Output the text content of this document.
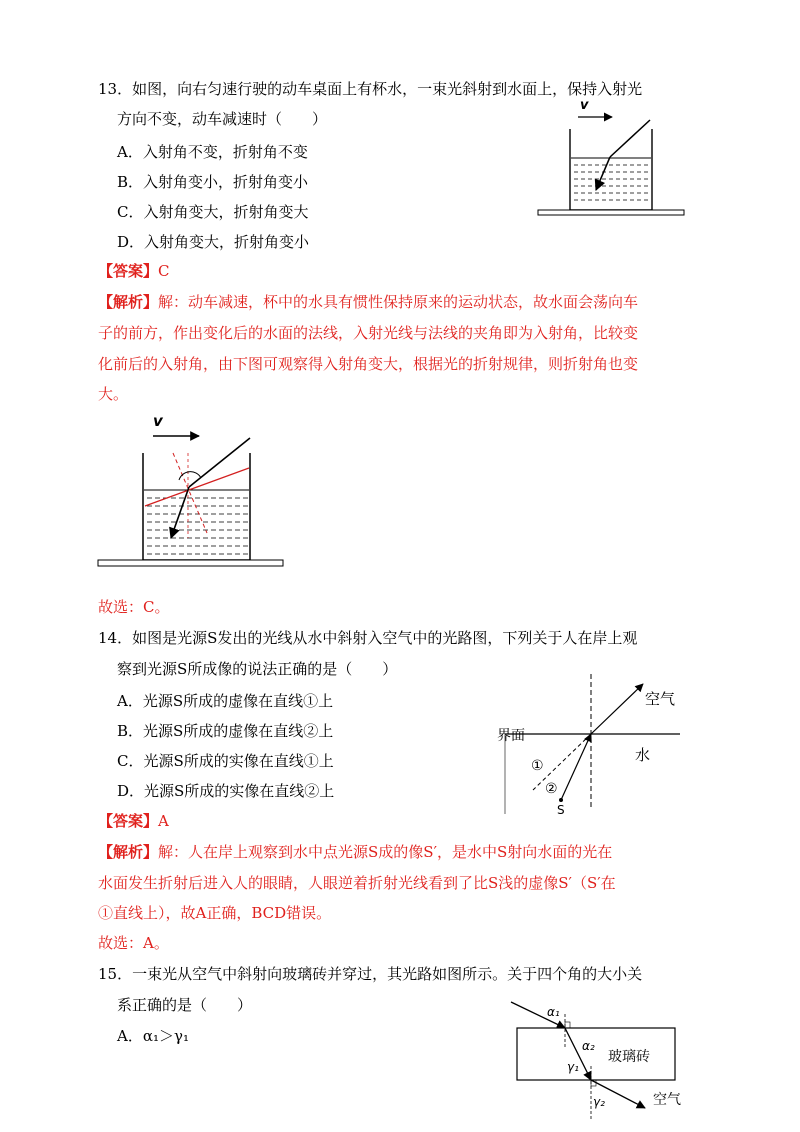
13．如图，向右匀速行驶的动车桌面上有杯水，一束光斜射到水面上，保持入射光
方向不变，动车减速时（　　）
A．入射角不变，折射角不变
B．入射角变小，折射角变小
C．入射角变大，折射角变大
D．入射角变大，折射角变小
【答案】C
【解析】解：动车减速，杯中的水具有惯性保持原来的运动状态，故水面会荡向车
子的前方，作出变化后的水面的法线，入射光线与法线的夹角即为入射角，比较变
化前后的入射角，由下图可观察得入射角变大，根据光的折射规律，则折射角也变
大。
v
v
故选：C。
14．如图是光源S发出的光线从水中斜射入空气中的光路图，下列关于人在岸上观
察到光源S所成像的说法正确的是（　　）
A．光源S所成的虚像在直线①上
B．光源S所成的虚像在直线②上
C．光源S所成的实像在直线①上
D．光源S所成的实像在直线②上
空气
界面
水
①
②
S
【答案】A
【解析】解：人在岸上观察到水中点光源S成的像S′，是水中S射向水面的光在
水面发生折射后进入人的眼睛，人眼逆着折射光线看到了比S浅的虚像S′（S′在
①直线上），故A正确，BCD错误。
故选：A。
15．一束光从空气中斜射向玻璃砖并穿过，其光路如图所示。关于四个角的大小关
系正确的是（　　）
A．α₁＞γ₁
α₁
α₂
γ₁
γ₂
玻璃砖
空气
